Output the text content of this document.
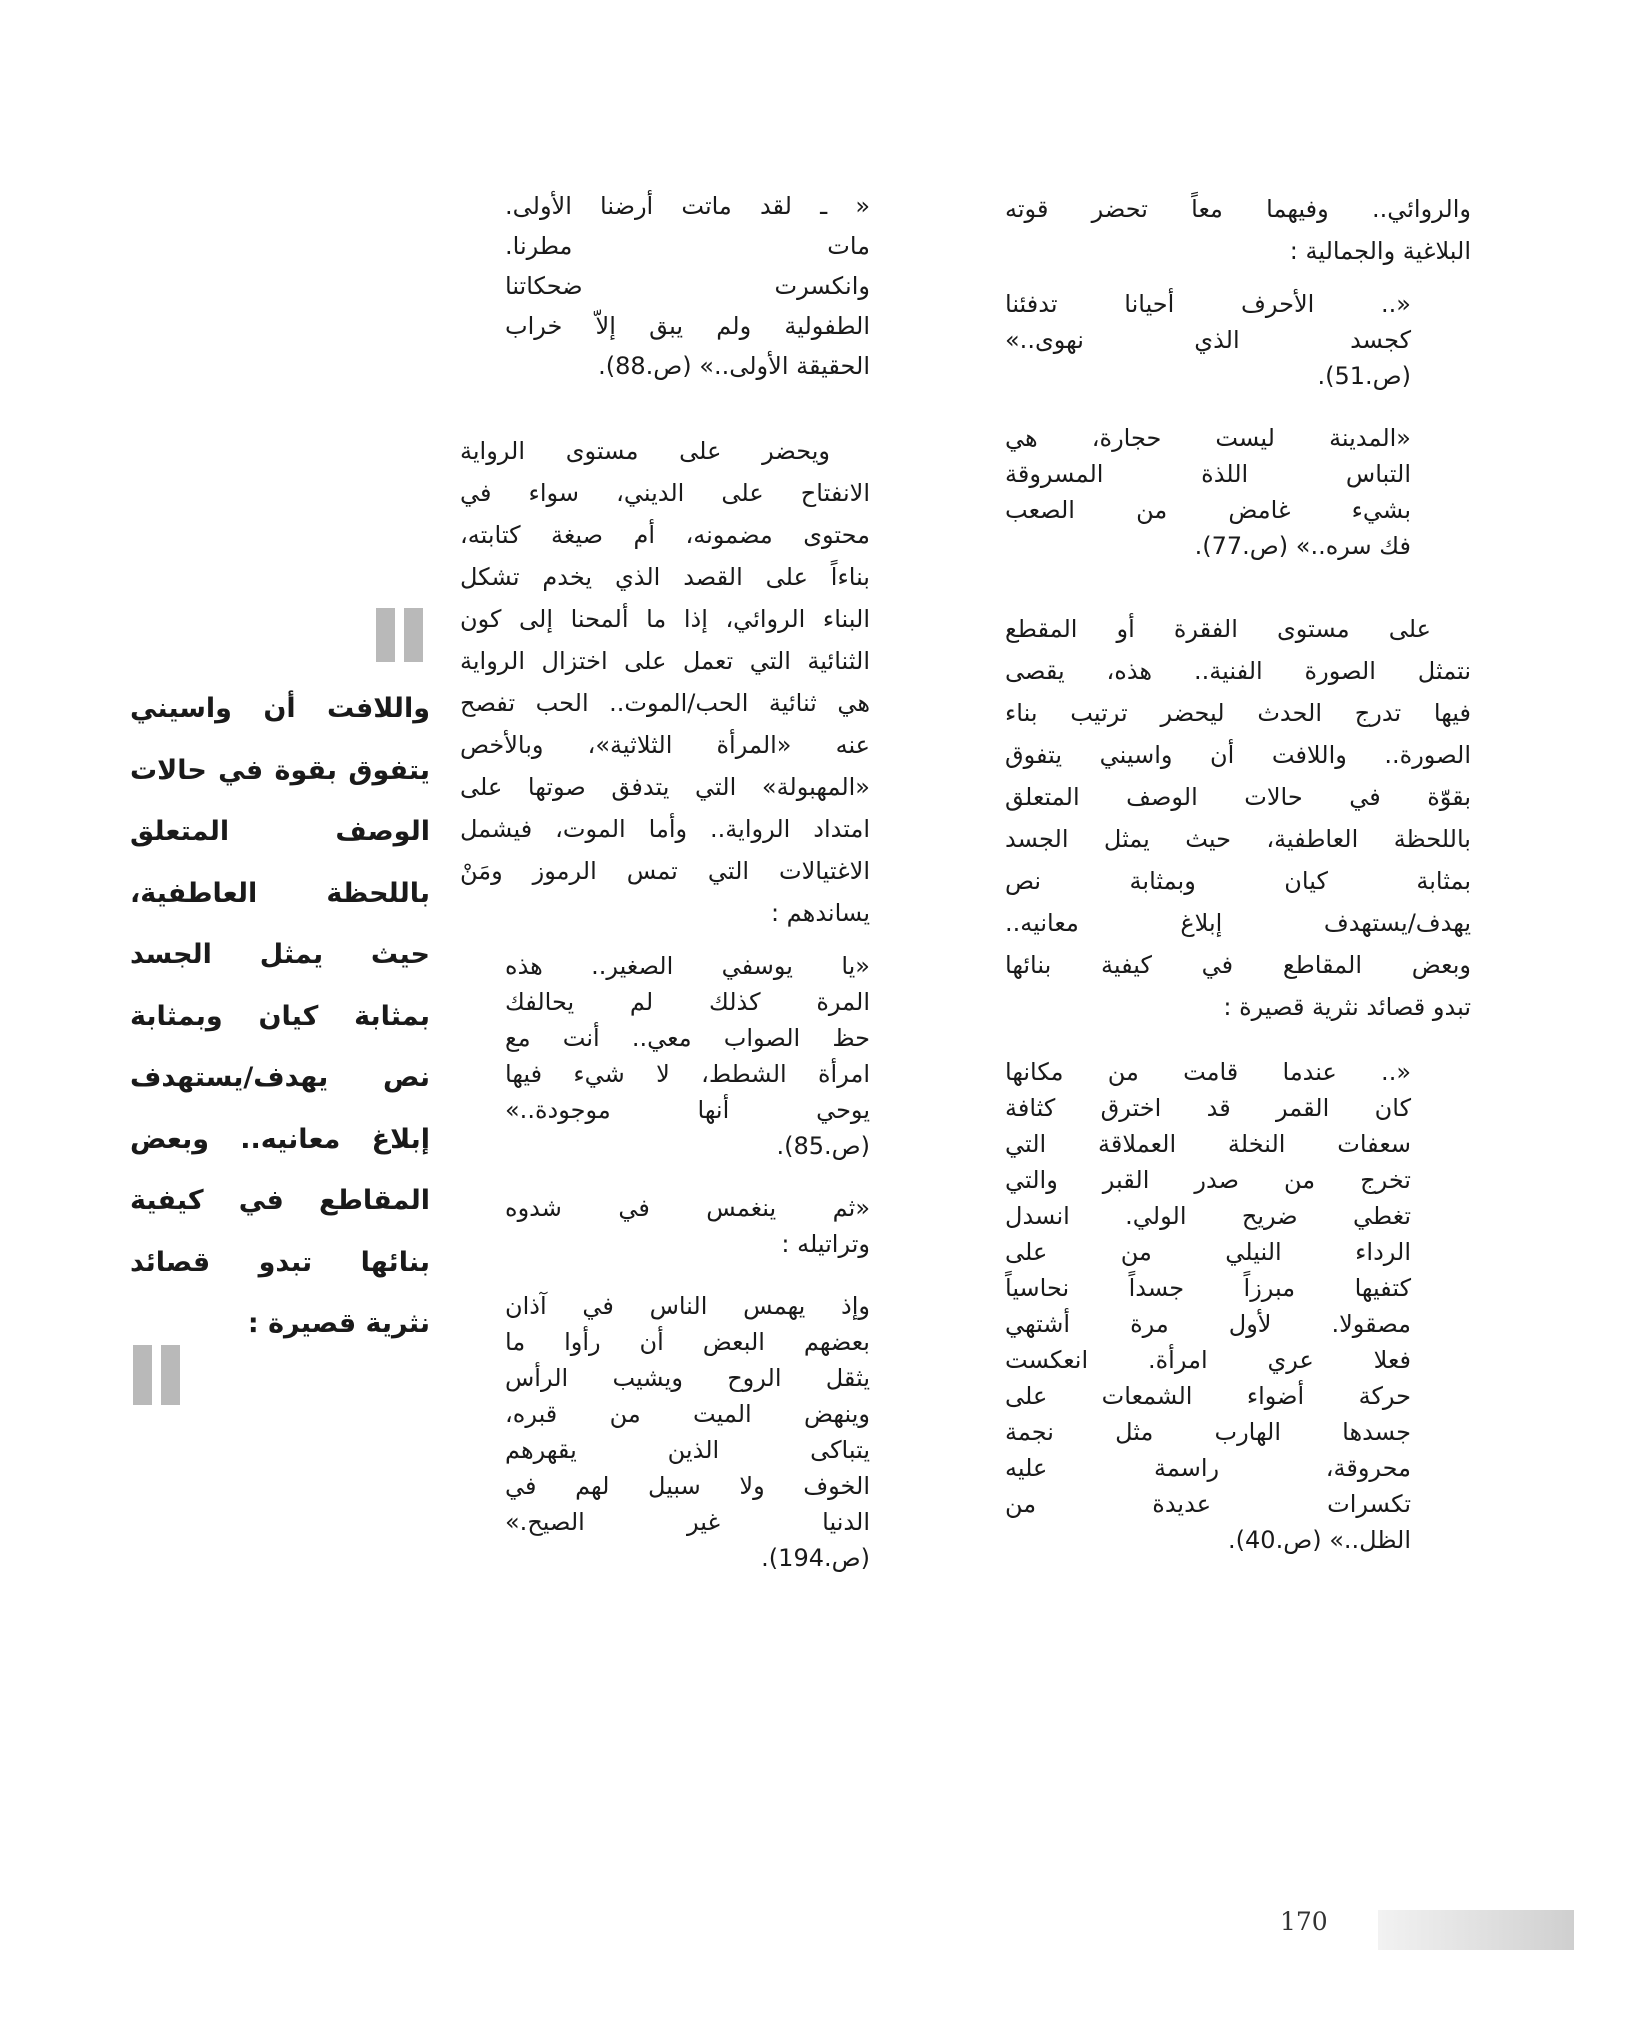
والروائي.. وفيهما معاً تحضر قوته
البلاغية والجمالية :
«.. الأحرف أحيانا تدفئنا
كجسد الذي نهوى..»
(ص.51).
«المدينة ليست حجارة، هي
التباس اللذة المسروقة
بشيء غامض من الصعب
فك سره..» (ص.77).
على مستوى الفقرة أو المقطع
نتمثل الصورة الفنية.. هذه، يقصى
فيها تدرج الحدث ليحضر ترتيب بناء
الصورة.. واللافت أن واسيني يتفوق
بقوّة في حالات الوصف المتعلق
باللحظة العاطفية، حيث يمثل الجسد
بمثابة كيان وبمثابة نص
يهدف/يستهدف إبلاغ معانيه..
وبعض المقاطع في كيفية بنائها
تبدو قصائد نثرية قصيرة :
«.. عندما قامت من مكانها
كان القمر قد اخترق كثافة
سعفات النخلة العملاقة التي
تخرج من صدر القبر والتي
تغطي ضريح الولي. انسدل
الرداء النيلي من على
كتفيها مبرزاً جسداً نحاسياً
مصقولا. لأول مرة أشتهي
فعلا عري امرأة. انعكست
حركة أضواء الشمعات على
جسدها الهارب مثل نجمة
محروقة، راسمة عليه
تكسرات عديدة من
الظل..» (ص.40).
« ـ لقد ماتت أرضنا الأولى.
مات مطرنا.
وانكسرت ضحكاتنا
الطفولية ولم يبق إلاّ خراب
الحقيقة الأولى..» (ص.88).
ويحضر على مستوى الرواية
الانفتاح على الديني، سواء في
محتوى مضمونه، أم صيغة كتابته،
بناءاً على القصد الذي يخدم تشكل
البناء الروائي، إذا ما ألمحنا إلى كون
الثنائية التي تعمل على اختزال الرواية
هي ثنائية الحب/الموت.. الحب تفصح
عنه «المرأة الثلاثية»، وبالأخص
«المهبولة» التي يتدفق صوتها على
امتداد الرواية.. وأما الموت، فيشمل
الاغتيالات التي تمس الرموز ومَنْ
يساندهم :
«يا يوسفي الصغير.. هذه
المرة كذلك لم يحالفك
حظ الصواب معي.. أنت مع
امرأة الشطط، لا شيء فيها
يوحي أنها موجودة..»
(ص.85).
«ثم ينغمس في شدوه
وتراتيله :
وإذ يهمس الناس في آذان
بعضهم البعض أن رأوا ما
يثقل الروح ويشيب الرأس
وينهض الميت من قبره،
يتباكى الذين يقهرهم
الخوف ولا سبيل لهم في
الدنيا غير الصيح.»
(ص.194).
واللافت أن واسيني
يتفوق بقوة في حالات
الوصف المتعلق
باللحظة العاطفية،
حيث يمثل الجسد
بمثابة كيان وبمثابة
نص يهدف/يستهدف
إبلاغ معانيه.. وبعض
المقاطع في كيفية
بنائها تبدو قصائد
نثرية قصيرة :
170
